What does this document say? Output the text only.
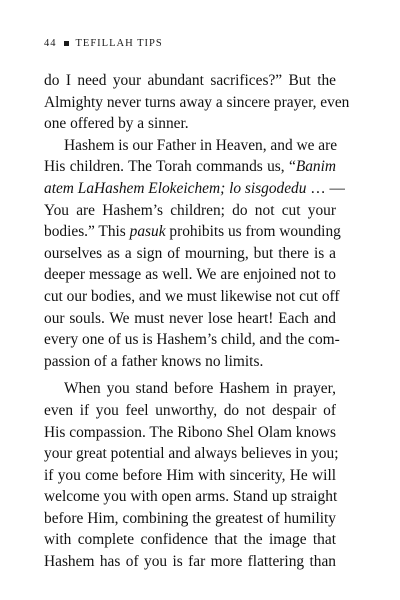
44 TEFILLAH TIPS
do I need your abundant sacrifices?” But the
Almighty never turns away a sincere prayer, even
one offered by a sinner.
Hashem is our Father in Heaven, and we are
His children. The Torah commands us, “Banim
atem LaHashem Elokeichem; lo sisgodedu … —
You are Hashem’s children; do not cut your
bodies.” This pasuk prohibits us from wounding
ourselves as a sign of mourning, but there is a
deeper message as well. We are enjoined not to
cut our bodies, and we must likewise not cut off
our souls. We must never lose heart! Each and
every one of us is Hashem’s child, and the com-
passion of a father knows no limits.
When you stand before Hashem in prayer,
even if you feel unworthy, do not despair of
His compassion. The Ribono Shel Olam knows
your great potential and always believes in you;
if you come before Him with sincerity, He will
welcome you with open arms. Stand up straight
before Him, combining the greatest of humility
with complete confidence that the image that
Hashem has of you is far more flattering than
